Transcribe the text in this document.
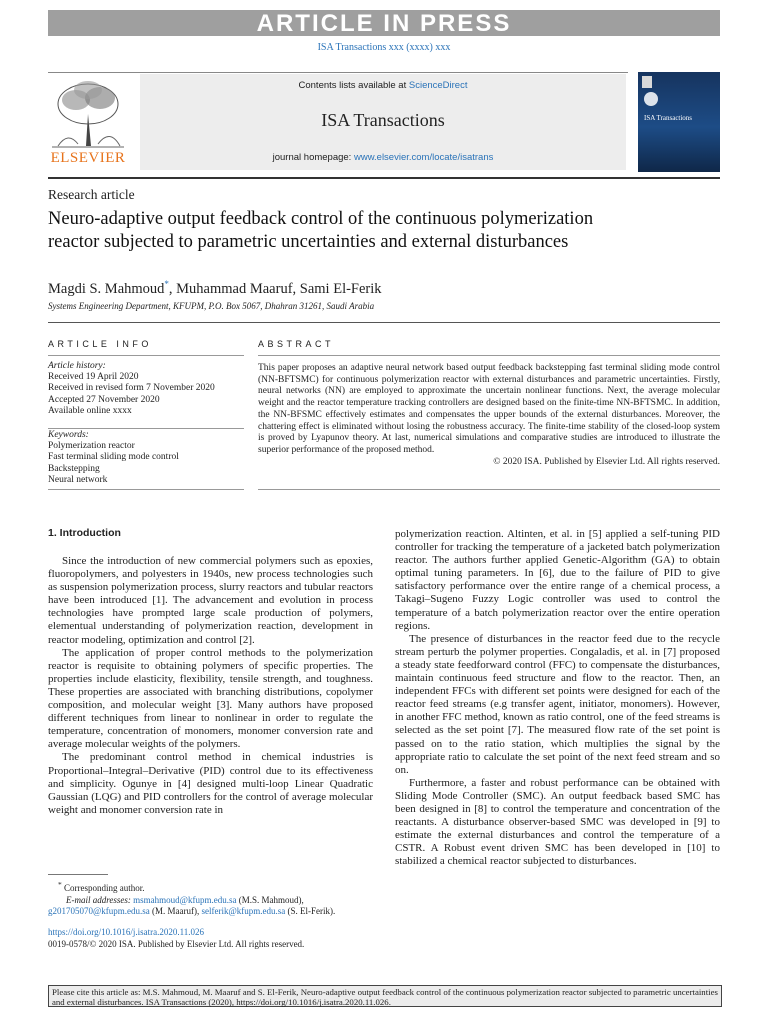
ARTICLE IN PRESS
ISA Transactions xxx (xxxx) xxx
ELSEVIER
Contents lists available at ScienceDirect
ISA Transactions
journal homepage: www.elsevier.com/locate/isatrans
ISA Transactions
Research article
Neuro-adaptive output feedback control of the continuous polymerization reactor subjected to parametric uncertainties and external disturbances
Magdi S. Mahmoud*, Muhammad Maaruf, Sami El-Ferik
Systems Engineering Department, KFUPM, P.O. Box 5067, Dhahran 31261, Saudi Arabia
ARTICLE INFO	ABSTRACT
Article history:
Received 19 April 2020
Received in revised form 7 November 2020
Accepted 27 November 2020
Available online xxxx
Keywords:
Polymerization reactor
Fast terminal sliding mode control
Backstepping
Neural network
This paper proposes an adaptive neural network based output feedback backstepping fast terminal sliding mode control (NN-BFTSMC) for continuous polymerization reactor with external disturbances and parametric uncertainties. Firstly, neural networks (NN) are employed to approximate the uncertain nonlinear functions. Next, the average molecular weight and the reactor temperature tracking controllers are designed based on the finite-time NN-BFTSMC. In addition, the NN-BFSMC effectively estimates and compensates the upper bounds of the external disturbances. Moreover, the chattering effect is eliminated without losing the robustness accuracy. The finite-time stability of the closed-loop system is proved by Lyapunov theory. At last, numerical simulations and comparative studies are introduced to illustrate the superior performance of the proposed method.
© 2020 ISA. Published by Elsevier Ltd. All rights reserved.
1. Introduction

Since the introduction of new commercial polymers such as epoxies, fluoropolymers, and polyesters in 1940s, new process technologies such as suspension polymerization process, slurry reactors and tubular reactors have been introduced [1]. The advancement and evolution in process technologies have prompted large scale production of polymers, elementual understanding of polymerization reaction, development in reactor modeling, optimization and control [2].

The application of proper control methods to the polymerization reactor is requisite to obtaining polymers of specific properties. The properties include elasticity, flexibility, tensile strength, and toughness. These properties are associated with branching distributions, copolymer composition, and molecular weight [3]. Many authors have proposed different techniques from linear to nonlinear in order to regulate the temperature, concentration of monomers, monomer conversion rate and average molecular weights of the polymers.

The predominant control method in chemical industries is Proportional–Integral–Derivative (PID) control due to its effectiveness and simplicity. Ogunye in [4] designed multi-loop Linear Quadratic Gaussian (LQG) and PID controllers for the control of average molecular weight and monomer conversion rate in

polymerization reaction. Altinten, et al. in [5] applied a self-tuning PID controller for tracking the temperature of a jacketed batch polymerization reactor. The authors further applied Genetic-Algorithm (GA) to obtain optimal tuning parameters. In [6], due to the failure of PID to give satisfactory performance over the entire range of a chemical process, a Takagi–Sugeno Fuzzy Logic controller was used to control the temperature of a batch polymerization reactor over the entire operation regions.

The presence of disturbances in the reactor feed due to the recycle stream perturb the polymer properties. Congaladis, et al. in [7] proposed a steady state feedforward control (FFC) to compensate the disturbances, maintain continuous feed structure and flow to the reactor. Then, an independent FFCs with different set points were designed for each of the reactor feed streams (e.g transfer agent, initiator, monomers). However, in another FFC method, known as ratio control, one of the feed streams is selected as the set point [7]. The measured flow rate of the set point is passed on to the ratio station, which multiplies the signal by the appropriate ratio to calculate the set point of the next feed stream and so on.

Furthermore, a faster and robust performance can be obtained with Sliding Mode Controller (SMC). An output feedback based SMC has been designed in [8] to control the temperature and concentration of the reactants. A disturbance observer-based SMC was developed in [9] to estimate the external disturbances and control the temperature of a CSTR. A Robust event driven SMC has been developed in [10] to stabilized a chemical reactor subjected to disturbances.

* Corresponding author.
E-mail addresses: msmahmoud@kfupm.edu.sa (M.S. Mahmoud),
g201705070@kfupm.edu.sa (M. Maaruf), selferik@kfupm.edu.sa (S. El-Ferik).
https://doi.org/10.1016/j.isatra.2020.11.026
0019-0578/© 2020 ISA. Published by Elsevier Ltd. All rights reserved.
Please cite this article as: M.S. Mahmoud, M. Maaruf and S. El-Ferik, Neuro-adaptive output feedback control of the continuous polymerization reactor subjected to parametric uncertainties and external disturbances. ISA Transactions (2020), https://doi.org/10.1016/j.isatra.2020.11.026.
